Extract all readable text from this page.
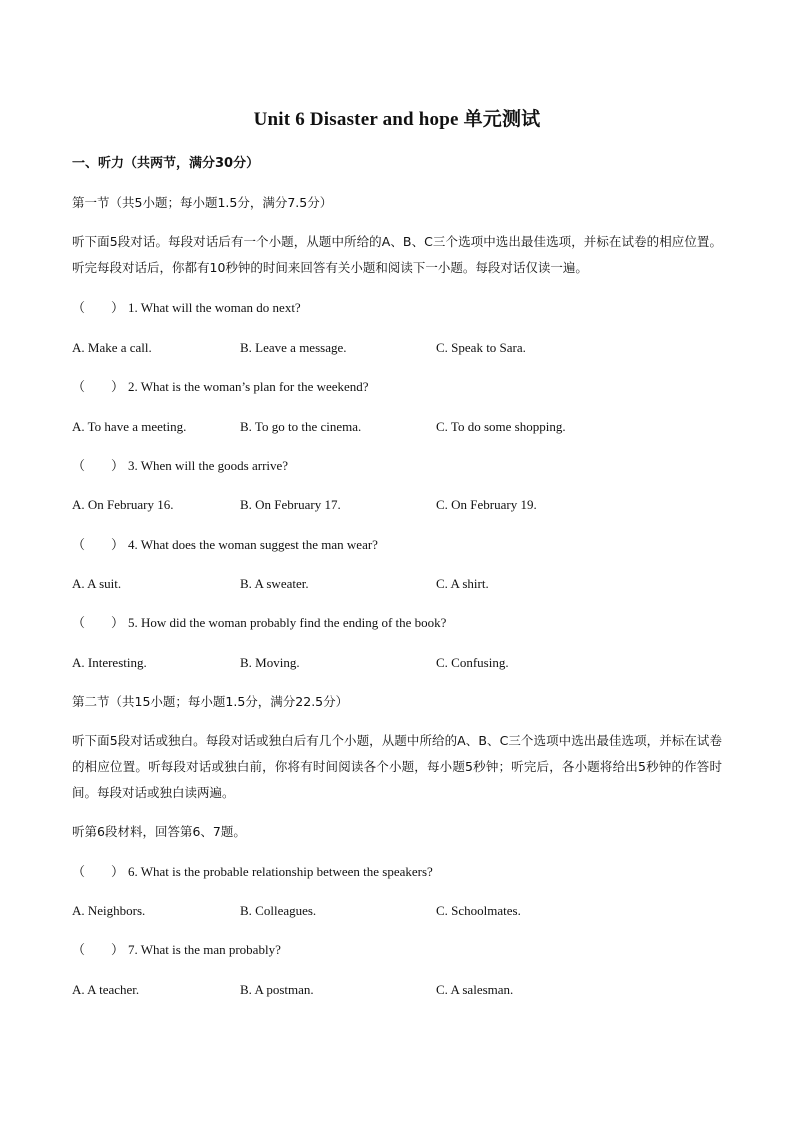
Unit 6 Disaster and hope 单元测试
一、听力（共两节，满分30分）
第一节（共5小题；每小题1.5分，满分7.5分）
听下面5段对话。每段对话后有一个小题，从题中所给的A、B、C三个选项中选出最佳选项，并标在试卷的相应位置。听完每段对话后，你都有10秒钟的时间来回答有关小题和阅读下一小题。每段对话仅读一遍。
（　　） 1. What will the woman do next?
A. Make a call.	B. Leave a message.	C. Speak to Sara.
（　　） 2. What is the woman’s plan for the weekend?
A. To have a meeting.	B. To go to the cinema.	C. To do some shopping.
（　　） 3. When will the goods arrive?
A. On February 16.	B. On February 17.	C. On February 19.
（　　） 4. What does the woman suggest the man wear?
A. A suit.	B. A sweater.	C. A shirt.
（　　） 5. How did the woman probably find the ending of the book?
A. Interesting.	B. Moving.	C. Confusing.
第二节（共15小题；每小题1.5分，满分22.5分）
听下面5段对话或独白。每段对话或独白后有几个小题，从题中所给的A、B、C三个选项中选出最佳选项，并标在试卷的相应位置。听每段对话或独白前，你将有时间阅读各个小题，每小题5秒钟；听完后，各小题将给出5秒钟的作答时间。每段对话或独白读两遍。
听第6段材料，回答第6、7题。
（　　） 6. What is the probable relationship between the speakers?
A. Neighbors.	B. Colleagues.	C. Schoolmates.
（　　） 7. What is the man probably?
A. A teacher.	B. A postman.	C. A salesman.
